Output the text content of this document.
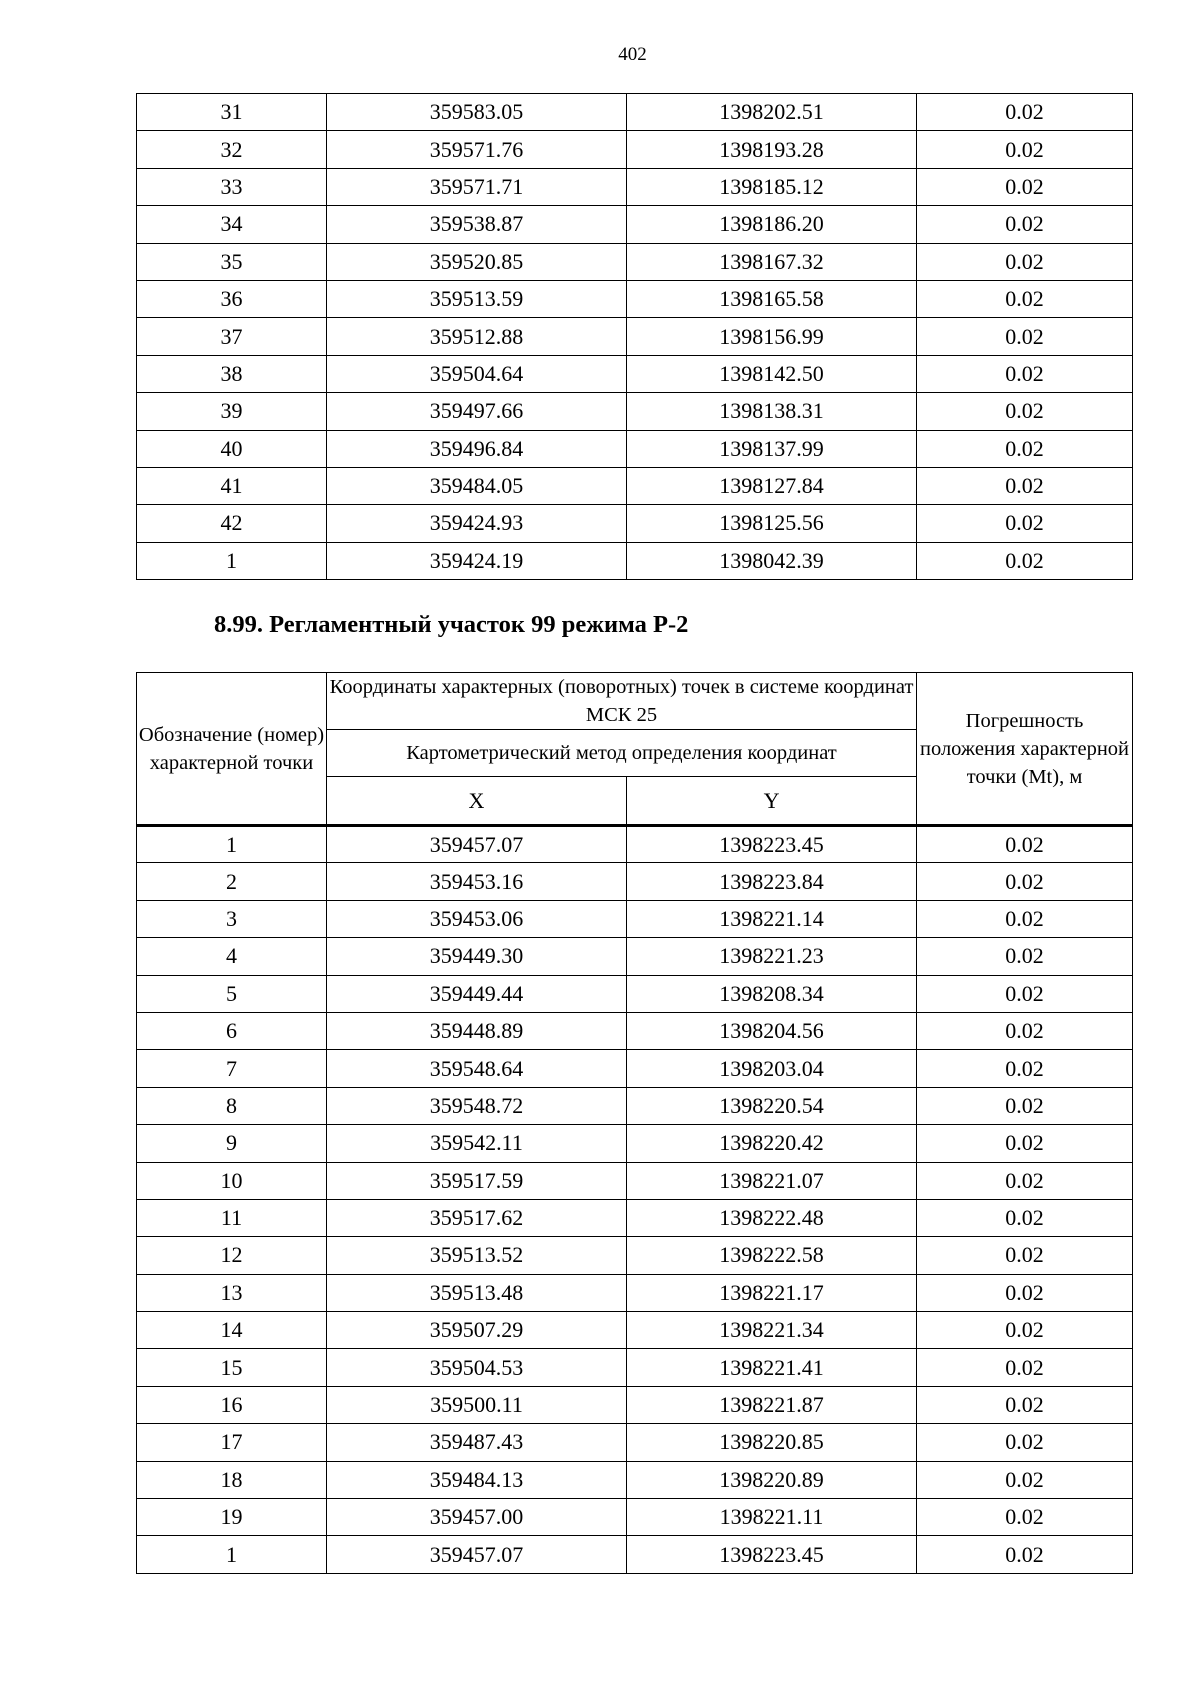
402
31	359583.05	1398202.51	0.02
32	359571.76	1398193.28	0.02
33	359571.71	1398185.12	0.02
34	359538.87	1398186.20	0.02
35	359520.85	1398167.32	0.02
36	359513.59	1398165.58	0.02
37	359512.88	1398156.99	0.02
38	359504.64	1398142.50	0.02
39	359497.66	1398138.31	0.02
40	359496.84	1398137.99	0.02
41	359484.05	1398127.84	0.02
42	359424.93	1398125.56	0.02
1	359424.19	1398042.39	0.02
8.99. Регламентный участок 99 режима Р-2
Обозначение (номер) характерной точки	Координаты характерных (поворотных) точек в системе координат МСК 25		Погрешность положения характерной точки (Mt), м
	Картометрический метод определения координат		
	X	Y	
1	359457.07	1398223.45	0.02
2	359453.16	1398223.84	0.02
3	359453.06	1398221.14	0.02
4	359449.30	1398221.23	0.02
5	359449.44	1398208.34	0.02
6	359448.89	1398204.56	0.02
7	359548.64	1398203.04	0.02
8	359548.72	1398220.54	0.02
9	359542.11	1398220.42	0.02
10	359517.59	1398221.07	0.02
11	359517.62	1398222.48	0.02
12	359513.52	1398222.58	0.02
13	359513.48	1398221.17	0.02
14	359507.29	1398221.34	0.02
15	359504.53	1398221.41	0.02
16	359500.11	1398221.87	0.02
17	359487.43	1398220.85	0.02
18	359484.13	1398220.89	0.02
19	359457.00	1398221.11	0.02
1	359457.07	1398223.45	0.02
